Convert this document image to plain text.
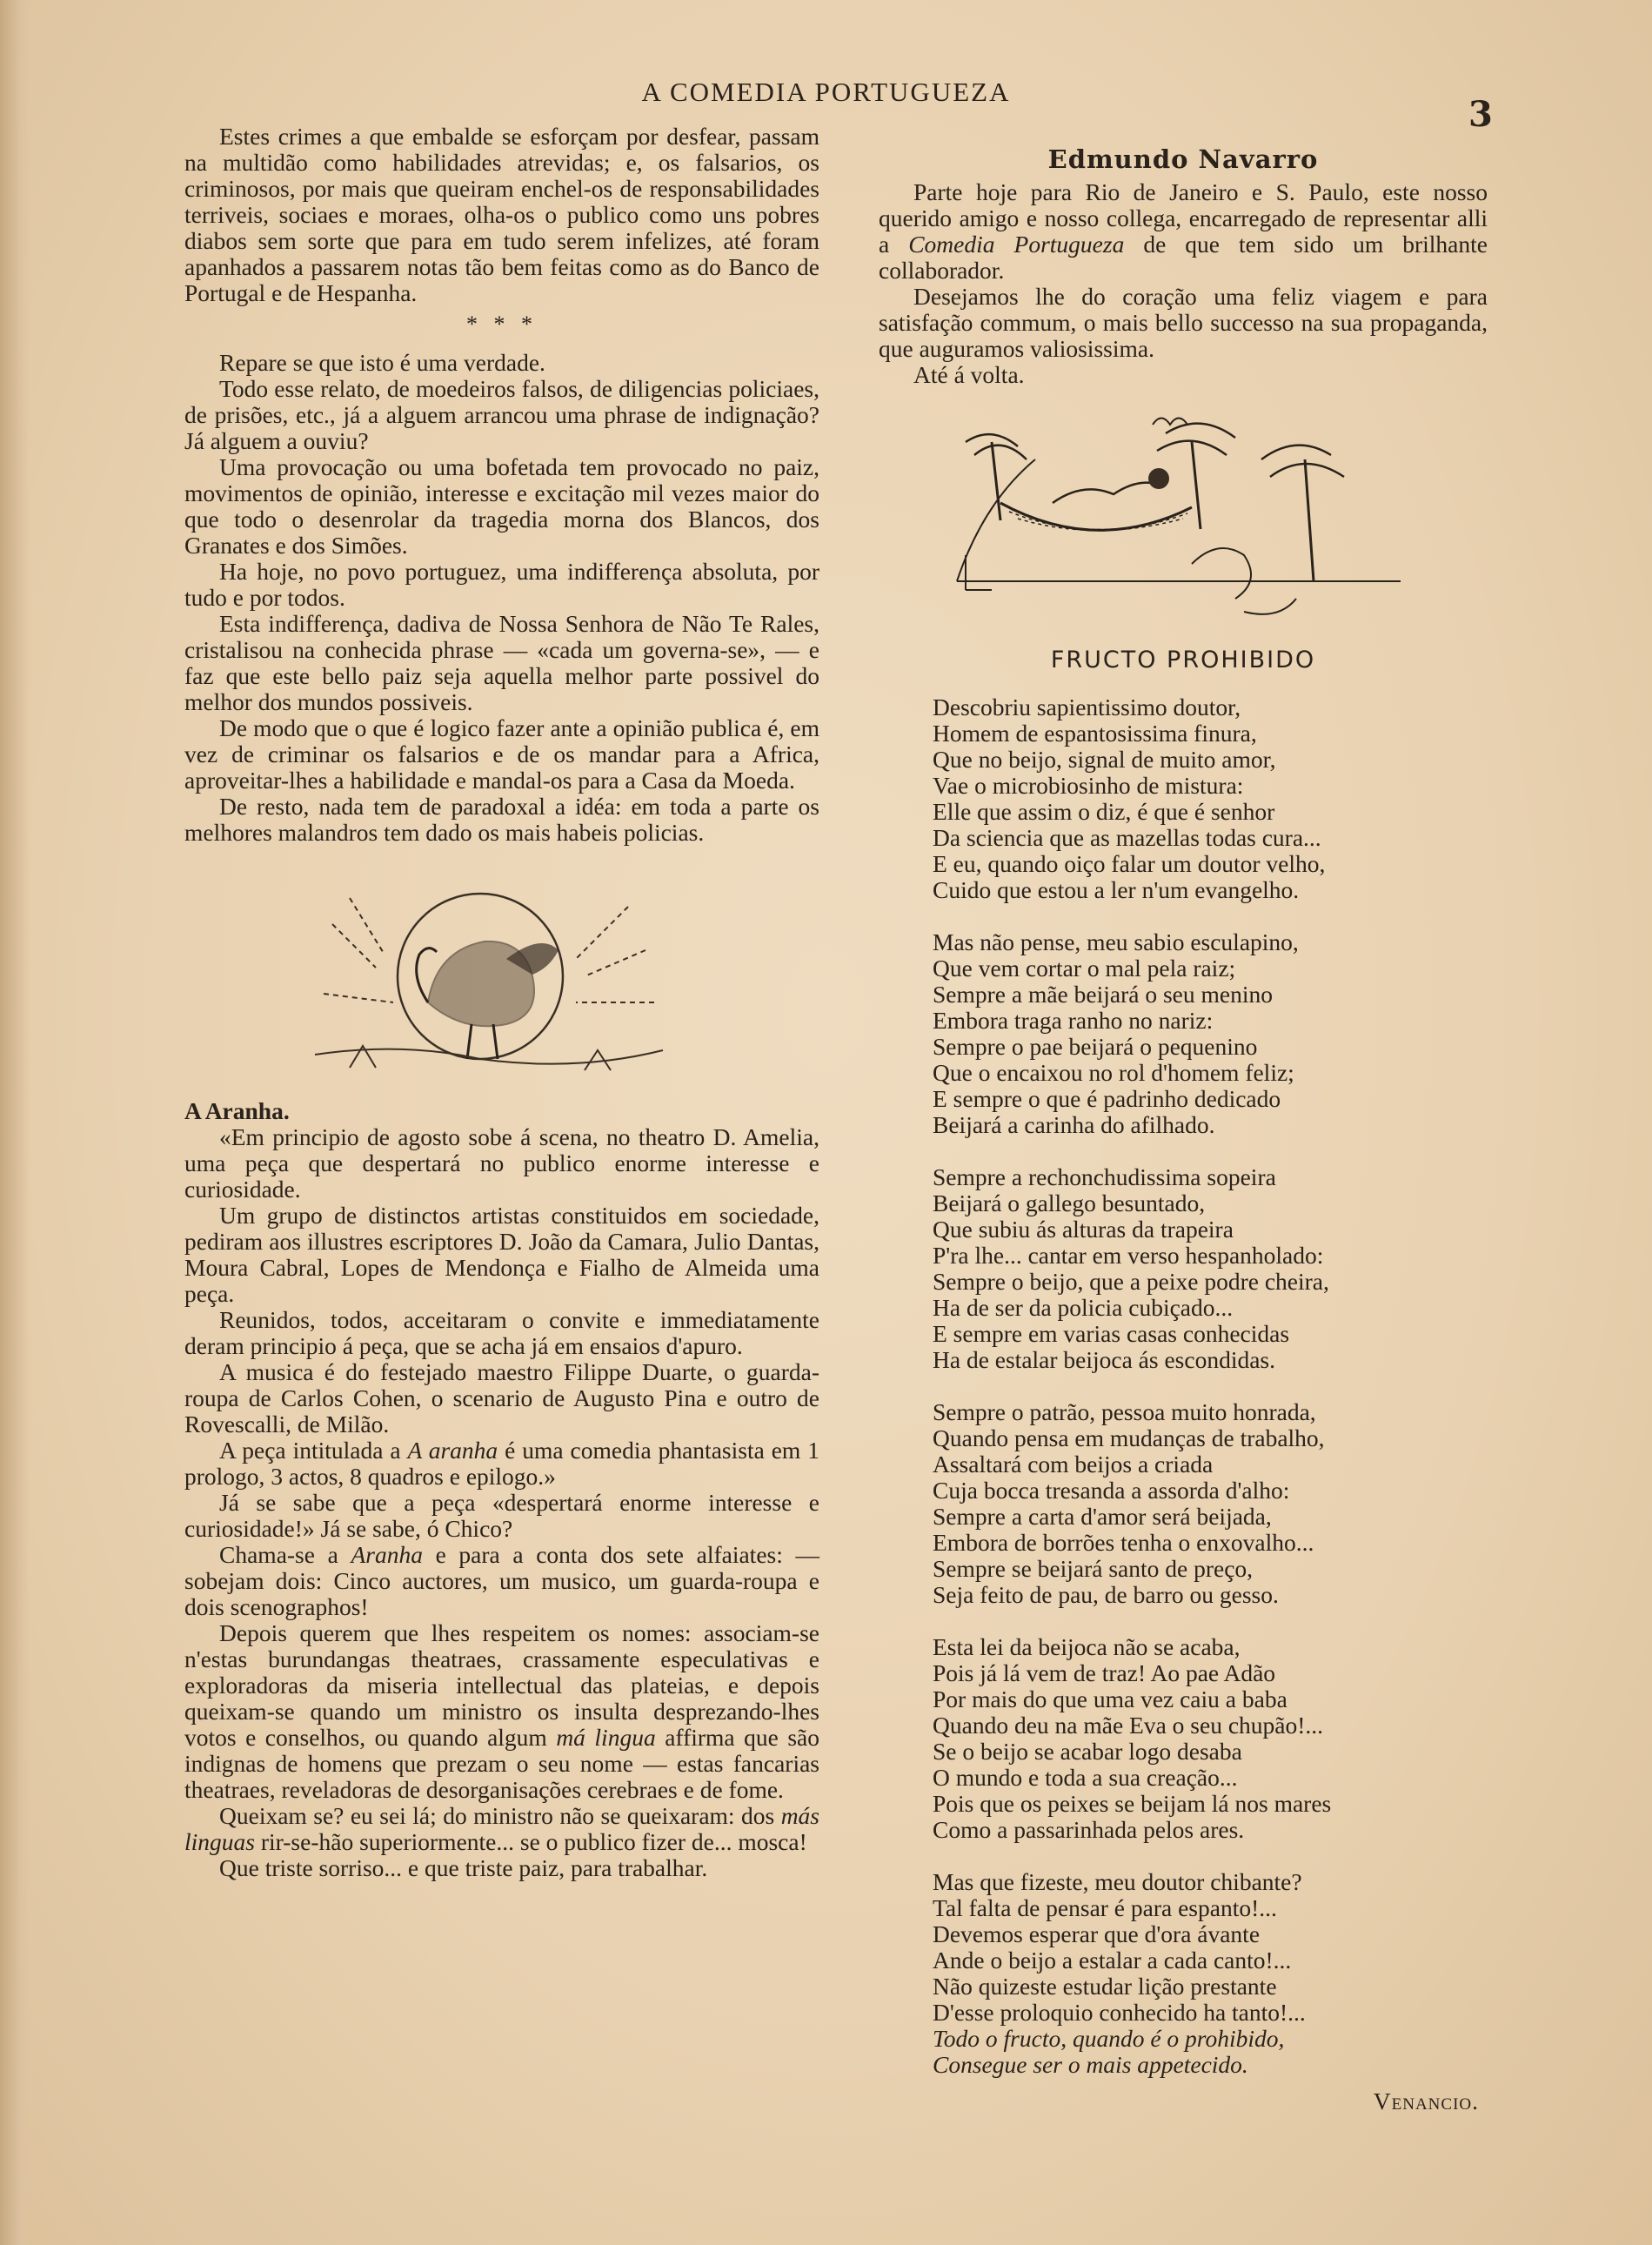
A COMEDIA PORTUGUEZA
3

Estes crimes a que embalde se esforçam por desfear, passam na multidão como habilidades atrevidas; e, os falsarios, os criminosos, por mais que queiram enchel-os de responsabilidades terriveis, sociaes e moraes, olha-os o publico como uns pobres diabos sem sorte que para em tudo serem infelizes, até foram apanhados a passarem notas tão bem feitas como as do Banco de Portugal e de Hespanha.

* * *

Repare se que isto é uma verdade.

Todo esse relato, de moedeiros falsos, de diligencias policiaes, de prisões, etc., já a alguem arrancou uma phrase de indignação? Já alguem a ouviu?

Uma provocação ou uma bofetada tem provocado no paiz, movimentos de opinião, interesse e excitação mil vezes maior do que todo o desenrolar da tragedia morna dos Blancos, dos Granates e dos Simões.

Ha hoje, no povo portuguez, uma indifferença absoluta, por tudo e por todos.

Esta indifferença, dadiva de Nossa Senhora de Não Te Rales, cristalisou na conhecida phrase — «cada um governa-se», — e faz que este bello paiz seja aquella melhor parte possivel do melhor dos mundos possiveis.

De modo que o que é logico fazer ante a opinião publica é, em vez de criminar os falsarios e de os mandar para a Africa, aproveitar-lhes a habilidade e mandal-os para a Casa da Moeda.

De resto, nada tem de paradoxal a idéa: em toda a parte os melhores malandros tem dado os mais habeis policias.

A Aranha.

«Em principio de agosto sobe á scena, no theatro D. Amelia, uma peça que despertará no publico enorme interesse e curiosidade.

Um grupo de distinctos artistas constituidos em sociedade, pediram aos illustres escriptores D. João da Camara, Julio Dantas, Moura Cabral, Lopes de Mendonça e Fialho de Almeida uma peça.

Reunidos, todos, acceitaram o convite e immediatamente deram principio á peça, que se acha já em ensaios d'apuro.

A musica é do festejado maestro Filippe Duarte, o guarda-roupa de Carlos Cohen, o scenario de Augusto Pina e outro de Rovescalli, de Milão.

A peça intitulada a A aranha é uma comedia phantasista em 1 prologo, 3 actos, 8 quadros e epilogo.»

Já se sabe que a peça «despertará enorme interesse e curiosidade!» Já se sabe, ó Chico?

Chama-se a Aranha e para a conta dos sete alfaiates: — sobejam dois: Cinco auctores, um musico, um guarda-roupa e dois scenographos!

Depois querem que lhes respeitem os nomes: associam-se n'estas burundangas theatraes, crassamente especulativas e exploradoras da miseria intellectual das plateias, e depois queixam-se quando um ministro os insulta desprezando-lhes votos e conselhos, ou quando algum má lingua affirma que são indignas de homens que prezam o seu nome — estas fancarias theatraes, reveladoras de desorganisações cerebraes e de fome.

Queixam se? eu sei lá; do ministro não se queixaram: dos más linguas rir-se-hão superiormente... se o publico fizer de... mosca!

Que triste sorriso... e que triste paiz, para trabalhar.

Edmundo Navarro

Parte hoje para Rio de Janeiro e S. Paulo, este nosso querido amigo e nosso collega, encarregado de representar alli a Comedia Portugueza de que tem sido um brilhante collaborador.

Desejamos lhe do coração uma feliz viagem e para satisfação commum, o mais bello successo na sua propaganda, que auguramos valiosissima.

Até á volta.

FRUCTO PROHIBIDO
Descobriu sapientissimo doutor,
Homem de espantosissima finura,
Que no beijo, signal de muito amor,
Vae o microbiosinho de mistura:
Elle que assim o diz, é que é senhor
Da sciencia que as mazellas todas cura...
E eu, quando oiço falar um doutor velho,
Cuido que estou a ler n'um evangelho.
Mas não pense, meu sabio esculapino,
Que vem cortar o mal pela raiz;
Sempre a mãe beijará o seu menino
Embora traga ranho no nariz:
Sempre o pae beijará o pequenino
Que o encaixou no rol d'homem feliz;
E sempre o que é padrinho dedicado
Beijará a carinha do afilhado.
Sempre a rechonchudissima sopeira
Beijará o gallego besuntado,
Que subiu ás alturas da trapeira
P'ra lhe... cantar em verso hespanholado:
Sempre o beijo, que a peixe podre cheira,
Ha de ser da policia cubiçado...
E sempre em varias casas conhecidas
Ha de estalar beijoca ás escondidas.
Sempre o patrão, pessoa muito honrada,
Quando pensa em mudanças de trabalho,
Assaltará com beijos a criada
Cuja bocca tresanda a assorda d'alho:
Sempre a carta d'amor será beijada,
Embora de borrões tenha o enxovalho...
Sempre se beijará santo de preço,
Seja feito de pau, de barro ou gesso.
Esta lei da beijoca não se acaba,
Pois já lá vem de traz! Ao pae Adão
Por mais do que uma vez caiu a baba
Quando deu na mãe Eva o seu chupão!...
Se o beijo se acabar logo desaba
O mundo e toda a sua creação...
Pois que os peixes se beijam lá nos mares
Como a passarinhada pelos ares.
Mas que fizeste, meu doutor chibante?
Tal falta de pensar é para espanto!...
Devemos esperar que d'ora ávante
Ande o beijo a estalar a cada canto!...
Não quizeste estudar lição prestante
D'esse proloquio conhecido ha tanto!...
Todo o fructo, quando é o prohibido,
Consegue ser o mais appetecido.
Venancio.
